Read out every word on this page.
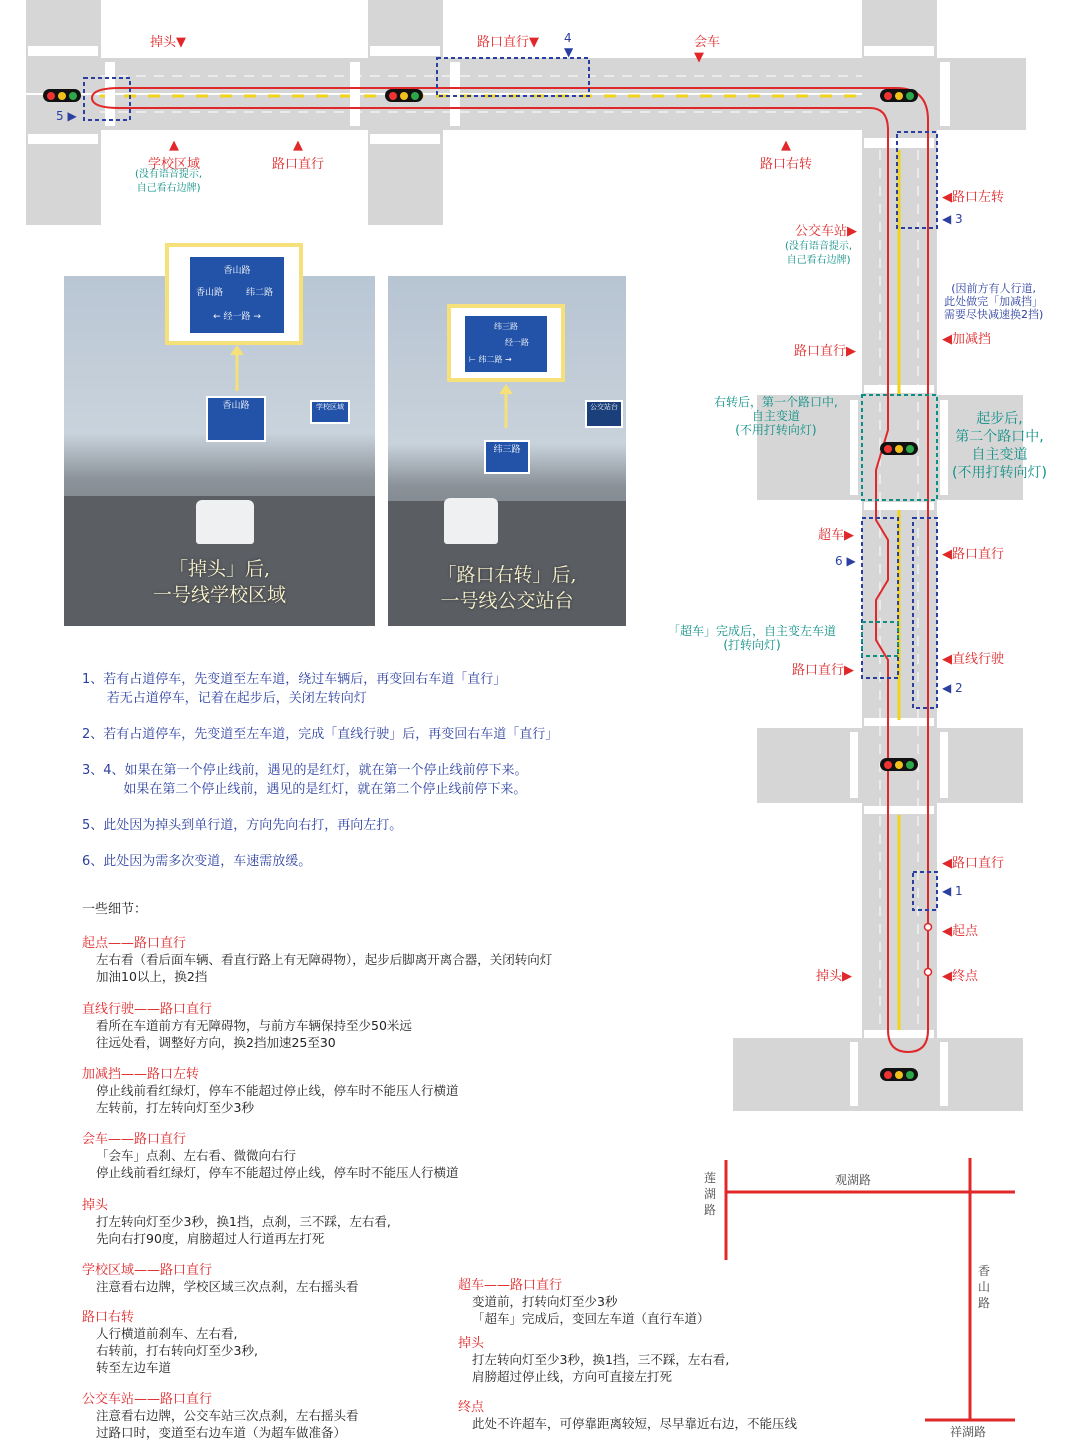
掉头▼	路口直行▼ 4
▼
会车
▼
5 ▶
▲
学校区域
(没有语音提示,
自己看右边牌)
▲
路口直行
▲
路口右转
◀路口左转
◀ 3
公交车站▶
(没有语音提示,
自己看右边牌)
(因前方有人行道,
此处做完「加减挡」
需要尽快减速换2挡)
◀加减挡
路口直行▶
右转后，第一个路口中,
自主变道
(不用打转向灯)
起步后,
第二个路口中,
自主变道
(不用打转向灯)
超车▶
6 ▶	◀路口直行
「超车」完成后，自主变左车道
(打转向灯)
路口直行▶
◀直线行驶
◀ 2
◀路口直行
◀ 1
◀起点
掉头▶	◀终点
香山路	学校区域
「掉头」后,
一号线学校区域
香山路
香山路	纬二路
← 经一路 →
纬三路
公交站台
「路口右转」后,
一号线公交站台
纬三路
经一路
⊢ 纬二路 →
1、若有占道停车，先变道至左车道，绕过车辆后，再变回右车道「直行」
若无占道停车，记着在起步后，关闭左转向灯
2、若有占道停车，先变道至左车道，完成「直线行驶」后，再变回右车道「直行」
3、4、如果在第一个停止线前，遇见的是红灯，就在第一个停止线前停下来。
如果在第二个停止线前，遇见的是红灯，就在第二个停止线前停下来。
5、此处因为掉头到单行道，方向先向右打，再向左打。
6、此处因为需多次变道，车速需放缓。
一些细节：
起点——路口直行
左右看（看后面车辆、看直行路上有无障碍物），起步后脚离开离合器，关闭转向灯
加油10以上，换2挡
直线行驶——路口直行
看所在车道前方有无障碍物，与前方车辆保持至少50米远
往远处看，调整好方向，换2挡加速25至30
加减挡——路口左转
停止线前看红绿灯，停车不能超过停止线，停车时不能压人行横道
左转前，打左转向灯至少3秒
会车——路口直行
「会车」点刹、左右看、微微向右行
停止线前看红绿灯，停车不能超过停止线，停车时不能压人行横道
掉头
打左转向灯至少3秒，换1挡，点刹，三不踩，左右看,
先向右打90度，肩膀超过人行道再左打死
学校区域——路口直行
注意看右边牌，学校区域三次点刹，左右摇头看
路口右转
人行横道前刹车、左右看,
右转前，打右转向灯至少3秒,
转至左边车道
公交车站——路口直行
注意看右边牌，公交车站三次点刹，左右摇头看
过路口时，变道至右边车道（为超车做准备）
超车——路口直行
变道前，打转向灯至少3秒
「超车」完成后，变回左车道（直行车道）
掉头
打左转向灯至少3秒，换1挡，三不踩，左右看,
肩膀超过停止线，方向可直接左打死
终点
此处不许超车，可停靠距离较短，尽早靠近右边，不能压线
莲
湖
路
观湖路
香
山
路
祥湖路
